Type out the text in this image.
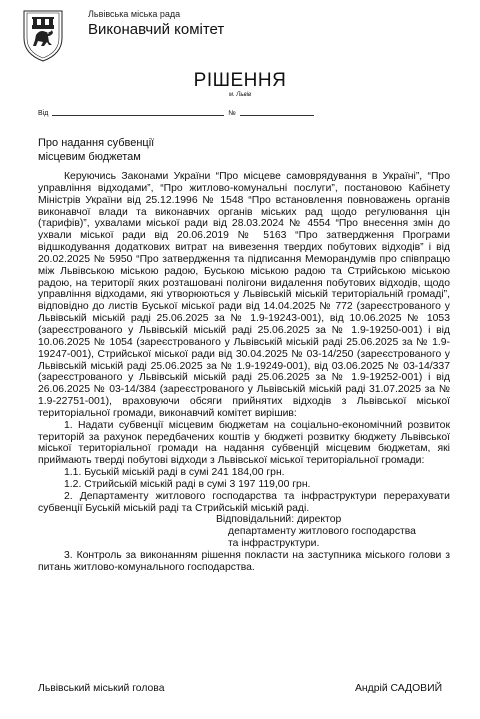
Львівська міська рада
Виконавчий комітет
РІШЕННЯ
м. Львів
Від	№
Про надання субвенції
місцевим бюджетам

Керуючись Законами України “Про місцеве самоврядування в Україні”, “Про управління відходами”, “Про житлово-комунальні послуги”, постановою Кабінету Міністрів України від 25.12.1996 № 1548 “Про встановлення повноважень органів виконавчої влади та виконавчих органів міських рад щодо регулювання цін (тарифів)”, ухвалами міської ради від 28.03.2024 № 4554 “Про внесення змін до ухвали міської ради від 20.06.2019 № 5163 “Про затвердження Програми відшкодування додаткових витрат на вивезення твердих побутових відходів” і від 20.02.2025 № 5950 “Про затвердження та підписання Меморандумів про співпрацю між Львівською міською радою, Буською міською радою та Стрийською міською радою, на території яких розташовані полігони видалення побутових відходів, щодо управління відходами, які утворюються у Львівській міській територіальній громаді”, відповідно до листів Буської міської ради від 14.04.2025 № 772 (зареєстрованого у Львівській міській раді 25.06.2025 за № 1.9-19243-001), від 10.06.2025 № 1053 (зареєстрованого у Львівській міській раді 25.06.2025 за № 1.9-19250-001) і від 10.06.2025 № 1054 (зареєстрованого у Львівській міській раді 25.06.2025 за № 1.9-19247-001), Стрийської міської ради від 30.04.2025 № 03-14/250 (зареєстрованого у Львівській міській раді 25.06.2025 за № 1.9-19249-001), від 03.06.2025 № 03-14/337 (зареєстрованого у Львівській міській раді 25.06.2025 за № 1.9-19252-001) і від 26.06.2025 № 03-14/384 (зареєстрованого у Львівській міській раді 31.07.2025 за № 1.9-22751-001), враховуючи обсяги прийнятих відходів з Львівської міської територіальної громади, виконавчий комітет вирішив:

1. Надати субвенції місцевим бюджетам на соціально-економічний розвиток територій за рахунок передбачених коштів у бюджеті розвитку бюджету Львівської міської територіальної громади на надання субвенцій місцевим бюджетам, які приймають тверді побутові відходи з Львівської міської територіальної громади:

1.1. Буській міській раді в сумі 241 184,00 грн.

1.2. Стрийській міській раді в сумі 3 197 119,00 грн.

2. Департаменту житлового господарства та інфраструктури перерахувати субвенції Буській міській раді та Стрийській міській раді.

Відповідальний: директор

департаменту житлового господарства

та інфраструктури.

3. Контроль за виконанням рішення покласти на заступника міського голови з питань житлово-комунального господарства.

Львівський міський голова	Андрій САДОВИЙ
